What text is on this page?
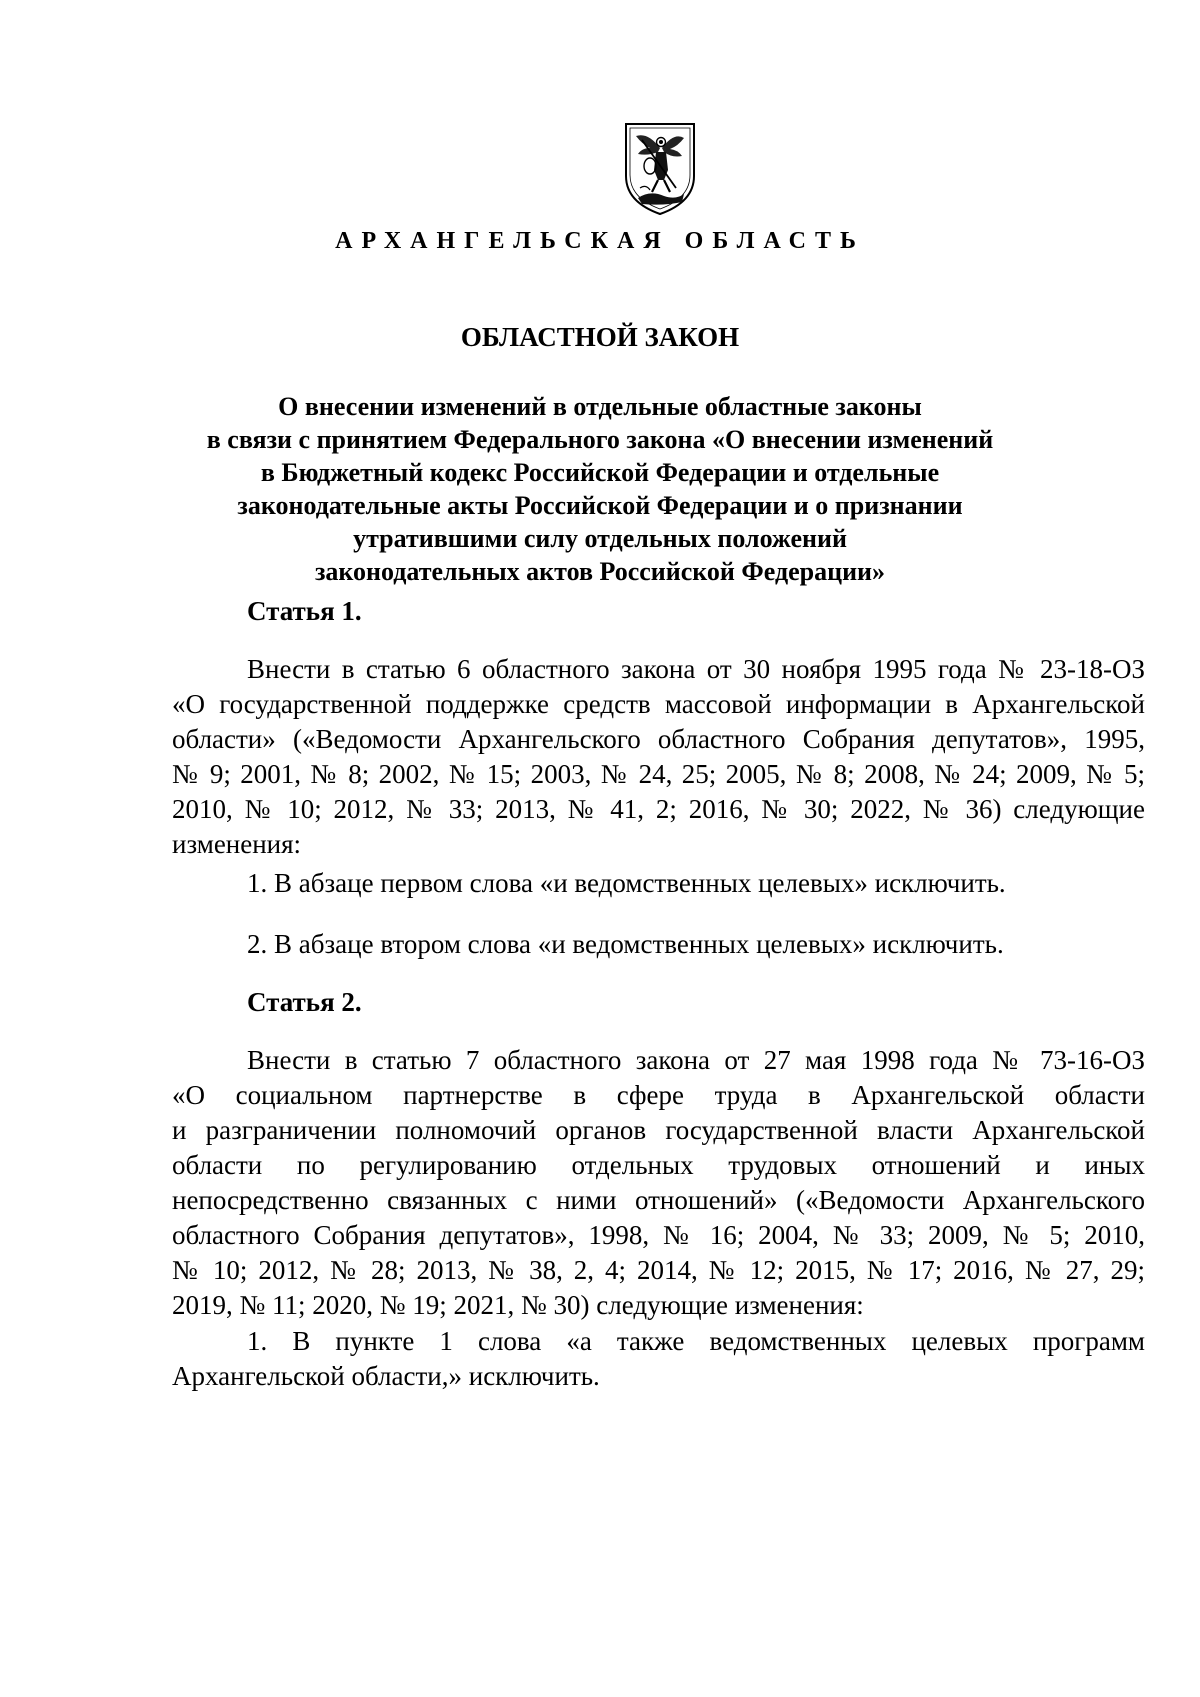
АРХАНГЕЛЬСКАЯ ОБЛАСТЬ
ОБЛАСТНОЙ ЗАКОН
О внесении изменений в отдельные областные законы
в связи с принятием Федерального закона «О внесении изменений
в Бюджетный кодекс Российской Федерации и отдельные
законодательные акты Российской Федерации и о признании
утратившими силу отдельных положений
законодательных актов Российской Федерации»
Статья 1.
Внести в статью 6 областного закона от 30 ноября 1995 года № 23-18-ОЗ
«О государственной поддержке средств массовой информации в Архангельской
области» («Ведомости Архангельского областного Собрания депутатов», 1995,
№ 9; 2001, № 8; 2002, № 15; 2003, № 24, 25; 2005, № 8; 2008, № 24; 2009, № 5;
2010, № 10; 2012, № 33; 2013, № 41, 2; 2016, № 30; 2022, № 36) следующие
изменения:
1. В абзаце первом слова «и ведомственных целевых» исключить.
2. В абзаце втором слова «и ведомственных целевых» исключить.
Статья 2.
Внести в статью 7 областного закона от 27 мая 1998 года № 73-16-ОЗ
«О социальном партнерстве в сфере труда в Архангельской области
и разграничении полномочий органов государственной власти Архангельской
области по регулированию отдельных трудовых отношений и иных
непосредственно связанных с ними отношений» («Ведомости Архангельского
областного Собрания депутатов», 1998, № 16; 2004, № 33; 2009, № 5; 2010,
№ 10; 2012, № 28; 2013, № 38, 2, 4; 2014, № 12; 2015, № 17; 2016, № 27, 29;
2019, № 11; 2020, № 19; 2021, № 30) следующие изменения:
1. В пункте 1 слова «а также ведомственных целевых программ
Архангельской области,» исключить.
